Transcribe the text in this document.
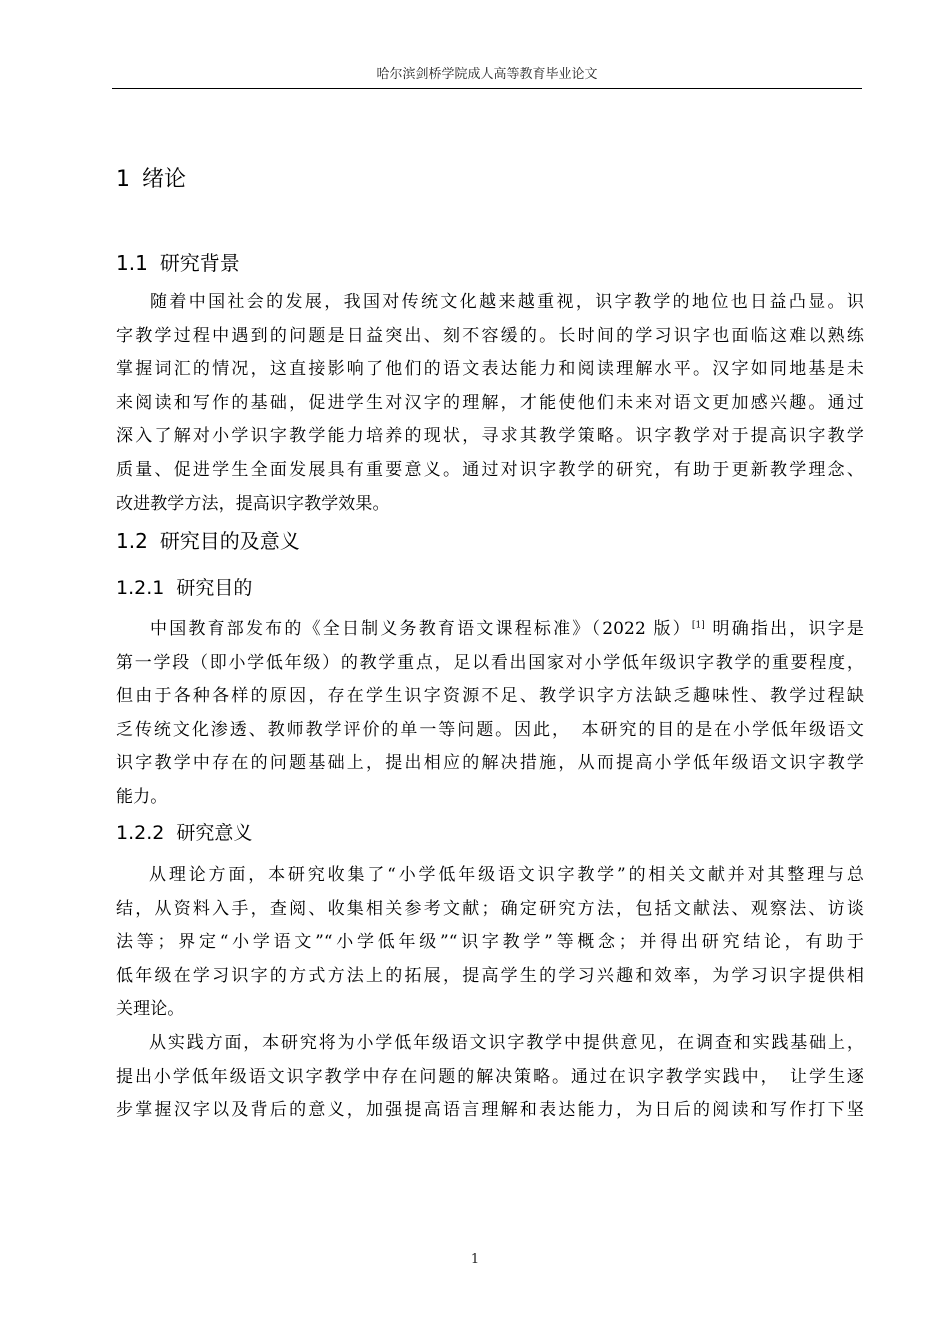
哈尔滨剑桥学院成人高等教育毕业论文
1 绪论
1.1 研究背景
随着中国社会的发展，我国对传统文化越来越重视，识字教学的地位也日益凸显。识
字教学过程中遇到的问题是日益突出、刻不容缓的。长时间的学习识字也面临这难以熟练
掌握词汇的情况，这直接影响了他们的语文表达能力和阅读理解水平。汉字如同地基是未
来阅读和写作的基础，促进学生对汉字的理解，才能使他们未来对语文更加感兴趣。通过
深入了解对小学识字教学能力培养的现状，寻求其教学策略。识字教学对于提高识字教学
质量、促进学生全面发展具有重要意义。通过对识字教学的研究，有助于更新教学理念、
改进教学方法，提高识字教学效果。
1.2 研究目的及意义
1.2.1 研究目的
中国教育部发布的《全日制义务教育语文课程标准》（2022 版）[1] 明确指出，识字是
第一学段（即小学低年级）的教学重点，足以看出国家对小学低年级识字教学的重要程度，
但由于各种各样的原因，存在学生识字资源不足、教学识字方法缺乏趣味性、教学过程缺
乏传统文化渗透、教师教学评价的单一等问题。因此，　本研究的目的是在小学低年级语文
识字教学中存在的问题基础上，提出相应的解决措施，从而提高小学低年级语文识字教学
能力。
1.2.2 研究意义
从理论方面，本研究收集了“小学低年级语文识字教学”的相关文献并对其整理与总
结，从资料入手，查阅、收集相关参考文献；确定研究方法，包括文献法、观察法、访谈
法等；界定“小学语文”“小学低年级”“识字教学”等概念；并得出研究结论，有助于
低年级在学习识字的方式方法上的拓展，提高学生的学习兴趣和效率，为学习识字提供相
关理论。
从实践方面，本研究将为小学低年级语文识字教学中提供意见，在调查和实践基础上，
提出小学低年级语文识字教学中存在问题的解决策略。通过在识字教学实践中，　让学生逐
步掌握汉字以及背后的意义，加强提高语言理解和表达能力，为日后的阅读和写作打下坚
1
